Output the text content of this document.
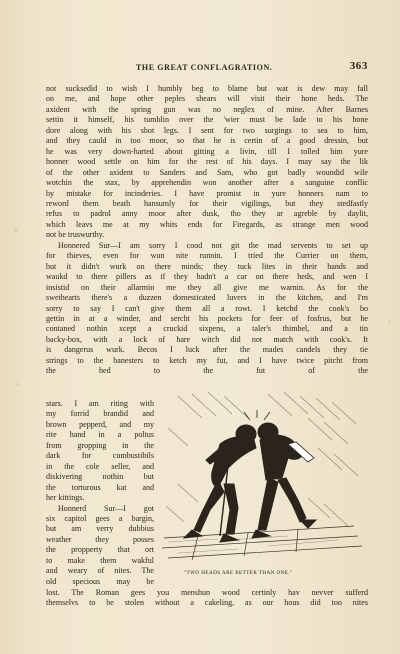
THE GREAT CONFLAGRATION.	363
not sucksedid to wish I humbly beg to blame but wat is dew may fall
on me, and hope other peples shears will visit their hone heds. The
axident with the spring gun was no neglex of mine. After Barnes
settin it himself, his tumblin over the 'wier must be lade to his hone
dore along with his shot legs. I sent for two surgings to sea to him,
and they cauld in too moor, so that he is certin of a good dressin, but
he was very down-harted about gitting a livin, till I tolled him yure
honner wood settle on him for the rest of his days. I may say the lik
of the other axident to Sanders and Sam, who got badly woundid wile
wotchin the stax, by apprehendin won another after a sanguine conflic
by mistake for incinderies. I have promist in yure honners nam to
reword them beath hansumly for their vigilings, but they stedfastly
refus to padrol anny moor after dusk, tho they ar agreble by daylit,
which leavs me at my whits ends for Firegards, as strange men wood
not be truswurthy.
Honnered Sur—I am sorry I cood not git the mad servents to set up
for thieves, even for wun nite runnin. I tried the Currier on them,
but it didn't wurk on there minds; they tuck lites in their hands and
waukd to there pillers as if they hadn't a car on there heds, and wen I
insistid on their allarmin me they all give me warnin. As for the
swethearts there's a duzzen domesticated luvers in the kitchen, and I'm
sorry to say I can't give them all a rowt. I ketchd the cook's bo
gettin in at a winder, and sercht his pockets for feer of fosfrus, but he
contaned nothin xcept a cruckid sixpens, a taler's thimbel, and a tin
backy-box, with a lock of hare witch did not match with cook's. It
is dangerus wurk. Becos I luck after the mades candels they tie
strings to the banesters to ketch my fut, and I have twice pitcht from
the hed to the fut of the
stars. I am riting with
my forrid brandid and
brown pepperd, and my
rite hand in a poltus
from gropping in the
dark for cumbustibils
in the cole seller, and
diskivering nothin but
the torturous kat and
her kittings.
Honnerd Sur—I got
six capitol gees a bargin,
but am verry dubbius
weather they posses
the propperty that ort
to make them wakful
and weary of nites. The
old specious may be
"TWO HEADS ARE BETTER THAN ONE."
lost. The Roman gees you menshun wood certinly hav nevver sufferd
themselvs to be stolen without a cakeling, as our hous did too nites
